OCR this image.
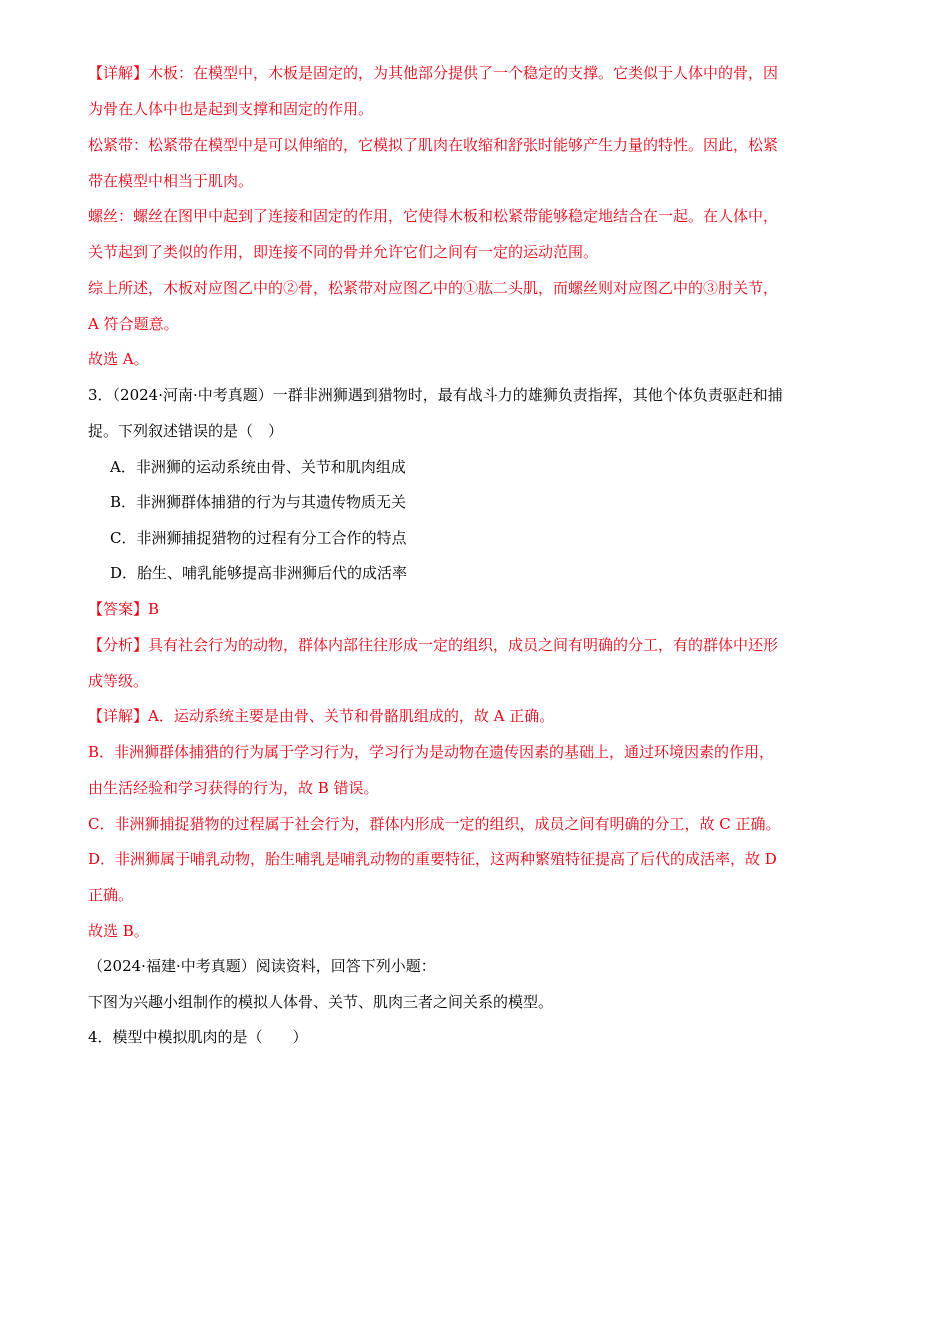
【详解】木板：在模型中，木板是固定的，为其他部分提供了一个稳定的支撑。它类似于人体中的骨，因
为骨在人体中也是起到支撑和固定的作用。
松紧带：松紧带在模型中是可以伸缩的，它模拟了肌肉在收缩和舒张时能够产生力量的特性。因此，松紧
带在模型中相当于肌肉。
螺丝：螺丝在图甲中起到了连接和固定的作用，它使得木板和松紧带能够稳定地结合在一起。在人体中，
关节起到了类似的作用，即连接不同的骨并允许它们之间有一定的运动范围。
综上所述，木板对应图乙中的②骨，松紧带对应图乙中的①肱二头肌，而螺丝则对应图乙中的③肘关节，
A 符合题意。
故选 A。
3．（2024·河南·中考真题）一群非洲狮遇到猎物时，最有战斗力的雄狮负责指挥，其他个体负责驱赶和捕
捉。下列叙述错误的是（　）
A．非洲狮的运动系统由骨、关节和肌肉组成
B．非洲狮群体捕猎的行为与其遗传物质无关
C．非洲狮捕捉猎物的过程有分工合作的特点
D．胎生、哺乳能够提高非洲狮后代的成活率
【答案】B
【分析】具有社会行为的动物，群体内部往往形成一定的组织，成员之间有明确的分工，有的群体中还形
成等级。
【详解】A．运动系统主要是由骨、关节和骨骼肌组成的，故 A 正确。
B．非洲狮群体捕猎的行为属于学习行为，学习行为是动物在遗传因素的基础上，通过环境因素的作用，
由生活经验和学习获得的行为，故 B 错误。
C．非洲狮捕捉猎物的过程属于社会行为，群体内形成一定的组织，成员之间有明确的分工，故 C 正确。
D．非洲狮属于哺乳动物，胎生哺乳是哺乳动物的重要特征，这两种繁殖特征提高了后代的成活率，故 D
正确。
故选 B。
（2024·福建·中考真题）阅读资料，回答下列小题：
下图为兴趣小组制作的模拟人体骨、关节、肌肉三者之间关系的模型。
4．模型中模拟肌肉的是（　　）
